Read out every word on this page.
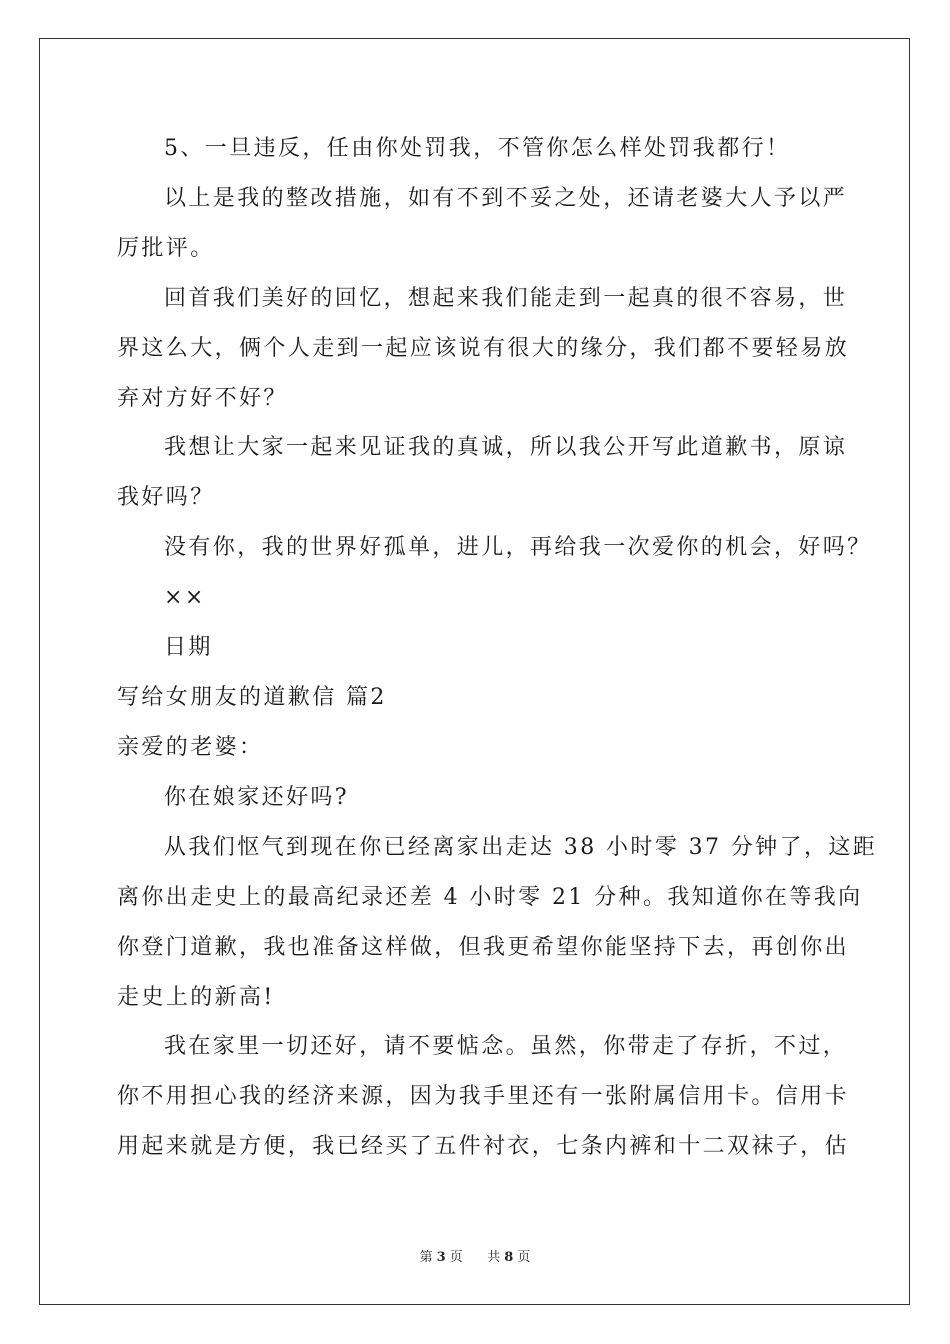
5、一旦违反，任由你处罚我，不管你怎么样处罚我都行！
以上是我的整改措施，如有不到不妥之处，还请老婆大人予以严
厉批评。
回首我们美好的回忆，想起来我们能走到一起真的很不容易，世
界这么大，俩个人走到一起应该说有很大的缘分，我们都不要轻易放
弃对方好不好？
我想让大家一起来见证我的真诚，所以我公开写此道歉书，原谅
我好吗？
没有你，我的世界好孤单，进儿，再给我一次爱你的机会，好吗？
××
日期
写给女朋友的道歉信 篇2
亲爱的老婆：
你在娘家还好吗?
从我们怄气到现在你已经离家出走达 38 小时零 37 分钟了，这距
离你出走史上的最高纪录还差 4 小时零 21 分种。我知道你在等我向
你登门道歉，我也准备这样做，但我更希望你能坚持下去，再创你出
走史上的新高!
我在家里一切还好，请不要惦念。虽然，你带走了存折，不过，
你不用担心我的经济来源，因为我手里还有一张附属信用卡。信用卡
用起来就是方便，我已经买了五件衬衣，七条内裤和十二双袜子，估
第 3 页 共 8 页
